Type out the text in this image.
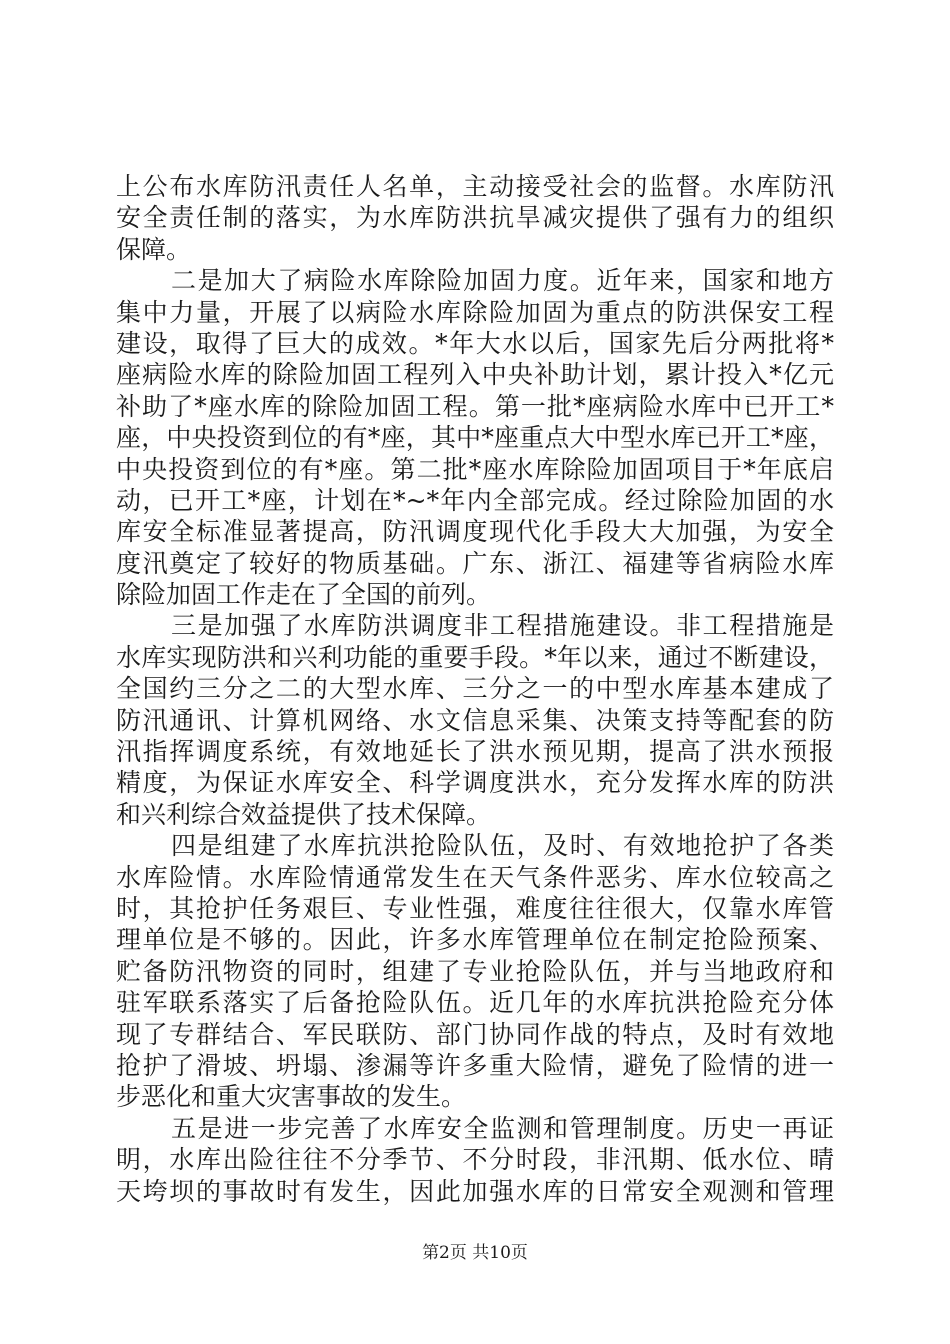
上公布水库防汛责任人名单，主动接受社会的监督。水库防汛
安全责任制的落实，为水库防洪抗旱减灾提供了强有力的组织
保障。
二是加大了病险水库除险加固力度。近年来，国家和地方
集中力量，开展了以病险水库除险加固为重点的防洪保安工程
建设，取得了巨大的成效。*年大水以后，国家先后分两批将*
座病险水库的除险加固工程列入中央补助计划，累计投入*亿元
补助了*座水库的除险加固工程。第一批*座病险水库中已开工*
座，中央投资到位的有*座，其中*座重点大中型水库已开工*座，
中央投资到位的有*座。第二批*座水库除险加固项目于*年底启
动，已开工*座，计划在*~*年内全部完成。经过除险加固的水
库安全标准显著提高，防汛调度现代化手段大大加强，为安全
度汛奠定了较好的物质基础。广东、浙江、福建等省病险水库
除险加固工作走在了全国的前列。
三是加强了水库防洪调度非工程措施建设。非工程措施是
水库实现防洪和兴利功能的重要手段。*年以来，通过不断建设，
全国约三分之二的大型水库、三分之一的中型水库基本建成了
防汛通讯、计算机网络、水文信息采集、决策支持等配套的防
汛指挥调度系统，有效地延长了洪水预见期，提高了洪水预报
精度，为保证水库安全、科学调度洪水，充分发挥水库的防洪
和兴利综合效益提供了技术保障。
四是组建了水库抗洪抢险队伍，及时、有效地抢护了各类
水库险情。水库险情通常发生在天气条件恶劣、库水位较高之
时，其抢护任务艰巨、专业性强，难度往往很大，仅靠水库管
理单位是不够的。因此，许多水库管理单位在制定抢险预案、
贮备防汛物资的同时，组建了专业抢险队伍，并与当地政府和
驻军联系落实了后备抢险队伍。近几年的水库抗洪抢险充分体
现了专群结合、军民联防、部门协同作战的特点，及时有效地
抢护了滑坡、坍塌、渗漏等许多重大险情，避免了险情的进一
步恶化和重大灾害事故的发生。
五是进一步完善了水库安全监测和管理制度。历史一再证
明，水库出险往往不分季节、不分时段，非汛期、低水位、晴
天垮坝的事故时有发生，因此加强水库的日常安全观测和管理
第2页 共10页
